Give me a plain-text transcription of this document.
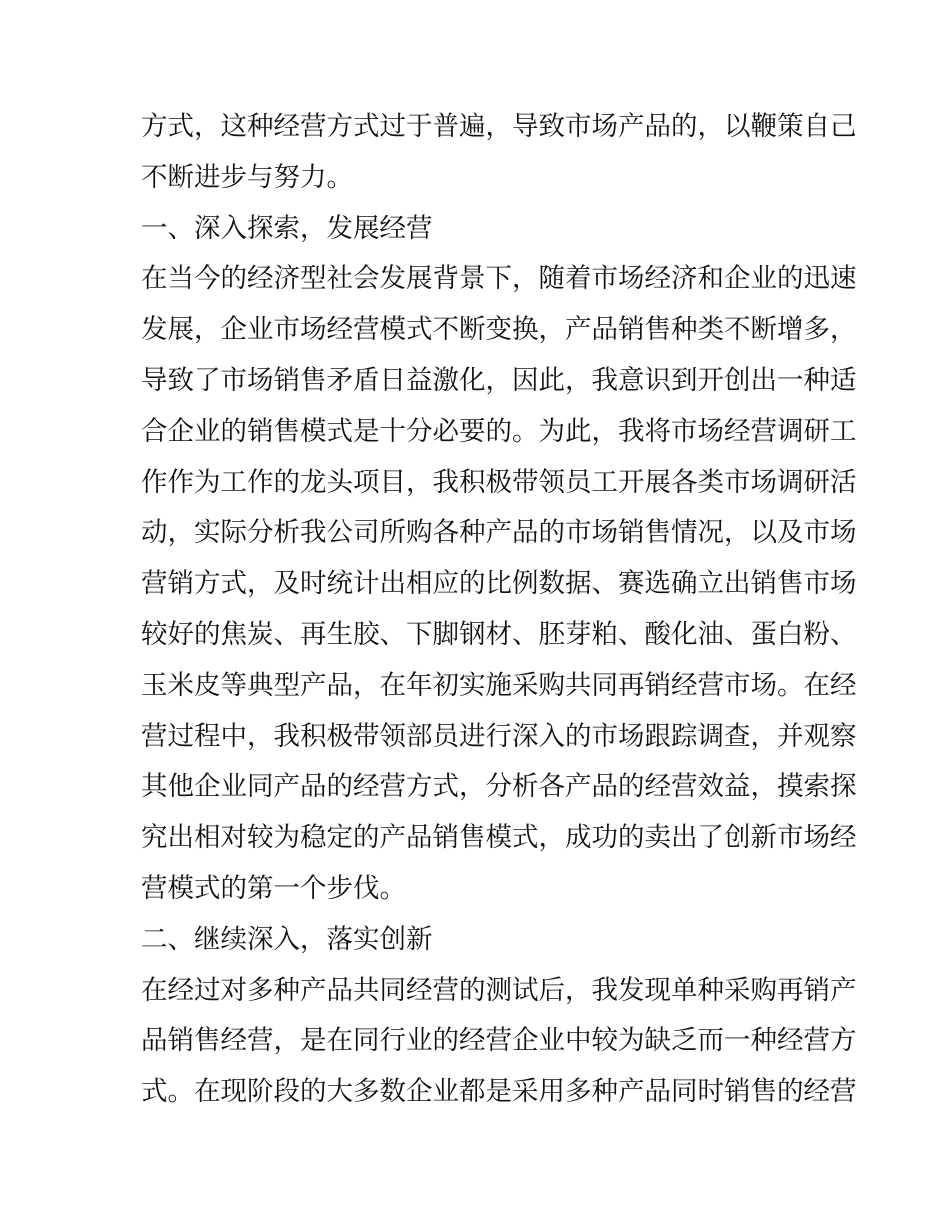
方式，这种经营方式过于普遍，导致市场产品的，以鞭策自己
不断进步与努力。
一、深入探索，发展经营
在当今的经济型社会发展背景下，随着市场经济和企业的迅速
发展，企业市场经营模式不断变换，产品销售种类不断增多，
导致了市场销售矛盾日益激化，因此，我意识到开创出一种适
合企业的销售模式是十分必要的。为此，我将市场经营调研工
作作为工作的龙头项目，我积极带领员工开展各类市场调研活
动，实际分析我公司所购各种产品的市场销售情况，以及市场
营销方式，及时统计出相应的比例数据、赛选确立出销售市场
较好的焦炭、再生胶、下脚钢材、胚芽粕、酸化油、蛋白粉、
玉米皮等典型产品，在年初实施采购共同再销经营市场。在经
营过程中，我积极带领部员进行深入的市场跟踪调查，并观察
其他企业同产品的经营方式，分析各产品的经营效益，摸索探
究出相对较为稳定的产品销售模式，成功的卖出了创新市场经
营模式的第一个步伐。
二、继续深入，落实创新
在经过对多种产品共同经营的测试后，我发现单种采购再销产
品销售经营，是在同行业的经营企业中较为缺乏而一种经营方
式。在现阶段的大多数企业都是采用多种产品同时销售的经营
